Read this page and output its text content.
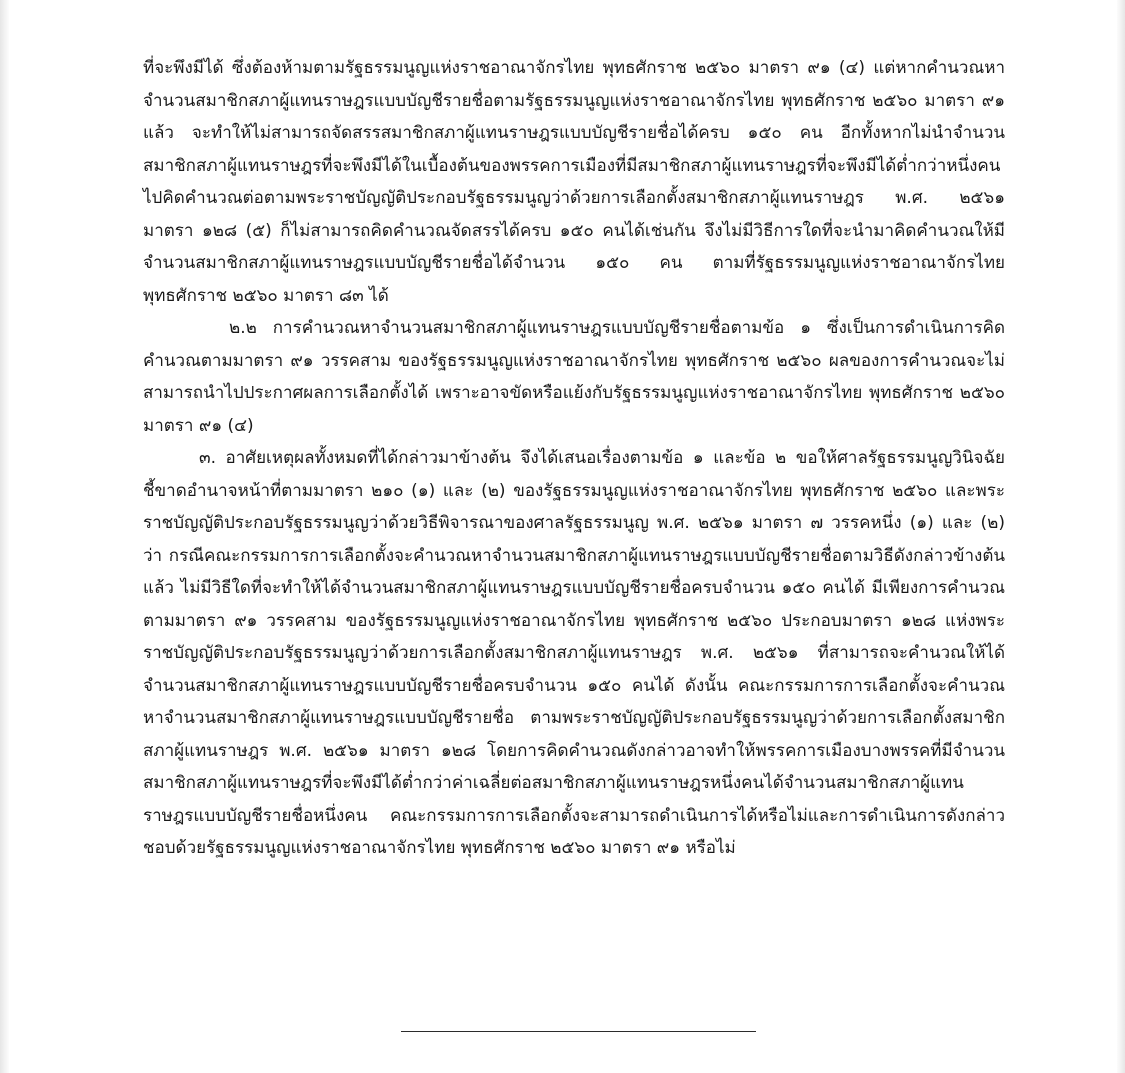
ที่จะพึงมีได้ ซึ่งต้องห้ามตามรัฐธรรมนูญแห่งราชอาณาจักรไทย พุทธศักราช ๒๕๖๐ มาตรา ๙๑ (๔) แต่หากคำนวณหาจำนวนสมาชิกสภาผู้แทนราษฎรแบบบัญชีรายชื่อตามรัฐธรรมนูญแห่งราชอาณาจักรไทย พุทธศักราช ๒๕๖๐ มาตรา ๙๑ แล้ว จะทำให้ไม่สามารถจัดสรรสมาชิกสภาผู้แทนราษฎรแบบบัญชีรายชื่อได้ครบ ๑๕๐ คน อีกทั้งหากไม่นำจำนวนสมาชิกสภาผู้แทนราษฎรที่จะพึงมีได้ในเบื้องต้นของพรรคการเมืองที่มีสมาชิกสภาผู้แทนราษฎรที่จะพึงมีได้ต่ำกว่าหนึ่งคนไปคิดคำนวณต่อตามพระราชบัญญัติประกอบรัฐธรรมนูญว่าด้วยการเลือกตั้งสมาชิกสภาผู้แทนราษฎร พ.ศ. ๒๕๖๑ มาตรา ๑๒๘ (๕) ก็ไม่สามารถคิดคำนวณจัดสรรได้ครบ ๑๕๐ คนได้เช่นกัน จึงไม่มีวิธีการใดที่จะนำมาคิดคำนวณให้มีจำนวนสมาชิกสภาผู้แทนราษฎรแบบบัญชีรายชื่อได้จำนวน ๑๕๐ คน ตามที่รัฐธรรมนูญแห่งราชอาณาจักรไทย พุทธศักราช ๒๕๖๐ มาตรา ๘๓ ได้

๒.๒ การคำนวณหาจำนวนสมาชิกสภาผู้แทนราษฎรแบบบัญชีรายชื่อตามข้อ ๑ ซึ่งเป็นการดำเนินการคิดคำนวณตามมาตรา ๙๑ วรรคสาม ของรัฐธรรมนูญแห่งราชอาณาจักรไทย พุทธศักราช ๒๕๖๐ ผลของการคำนวณจะไม่สามารถนำไปประกาศผลการเลือกตั้งได้ เพราะอาจขัดหรือแย้งกับรัฐธรรมนูญแห่งราชอาณาจักรไทย พุทธศักราช ๒๕๖๐ มาตรา ๙๑ (๔)

๓. อาศัยเหตุผลทั้งหมดที่ได้กล่าวมาข้างต้น จึงได้เสนอเรื่องตามข้อ ๑ และข้อ ๒ ขอให้ศาลรัฐธรรมนูญวินิจฉัยชี้ขาดอำนาจหน้าที่ตามมาตรา ๒๑๐ (๑) และ (๒) ของรัฐธรรมนูญแห่งราชอาณาจักรไทย พุทธศักราช ๒๕๖๐ และพระราชบัญญัติประกอบรัฐธรรมนูญว่าด้วยวิธีพิจารณาของศาลรัฐธรรมนูญ พ.ศ. ๒๕๖๑ มาตรา ๗ วรรคหนึ่ง (๑) และ (๒) ว่า กรณีคณะกรรมการการเลือกตั้งจะคำนวณหาจำนวนสมาชิกสภาผู้แทนราษฎรแบบบัญชีรายชื่อตามวิธีดังกล่าวข้างต้นแล้ว ไม่มีวิธีใดที่จะทำให้ได้จำนวนสมาชิกสภาผู้แทนราษฎรแบบบัญชีรายชื่อครบจำนวน ๑๕๐ คนได้ มีเพียงการคำนวณตามมาตรา ๙๑ วรรคสาม ของรัฐธรรมนูญแห่งราชอาณาจักรไทย พุทธศักราช ๒๕๖๐ ประกอบมาตรา ๑๒๘ แห่งพระราชบัญญัติประกอบรัฐธรรมนูญว่าด้วยการเลือกตั้งสมาชิกสภาผู้แทนราษฎร พ.ศ. ๒๕๖๑ ที่สามารถจะคำนวณให้ได้จำนวนสมาชิกสภาผู้แทนราษฎรแบบบัญชีรายชื่อครบจำนวน ๑๕๐ คนได้ ดังนั้น คณะกรรมการการเลือกตั้งจะคำนวณหาจำนวนสมาชิกสภาผู้แทนราษฎรแบบบัญชีรายชื่อ ตามพระราชบัญญัติประกอบรัฐธรรมนูญว่าด้วยการเลือกตั้งสมาชิกสภาผู้แทนราษฎร พ.ศ. ๒๕๖๑ มาตรา ๑๒๘ โดยการคิดคำนวณดังกล่าวอาจทำให้พรรคการเมืองบางพรรคที่มีจำนวนสมาชิกสภาผู้แทนราษฎรที่จะพึงมีได้ต่ำกว่าค่าเฉลี่ยต่อสมาชิกสภาผู้แทนราษฎรหนึ่งคนได้จำนวนสมาชิกสภาผู้แทนราษฎรแบบบัญชีรายชื่อหนึ่งคน คณะกรรมการการเลือกตั้งจะสามารถดำเนินการได้หรือไม่และการดำเนินการดังกล่าวชอบด้วยรัฐธรรมนูญแห่งราชอาณาจักรไทย พุทธศักราช ๒๕๖๐ มาตรา ๙๑ หรือไม่
